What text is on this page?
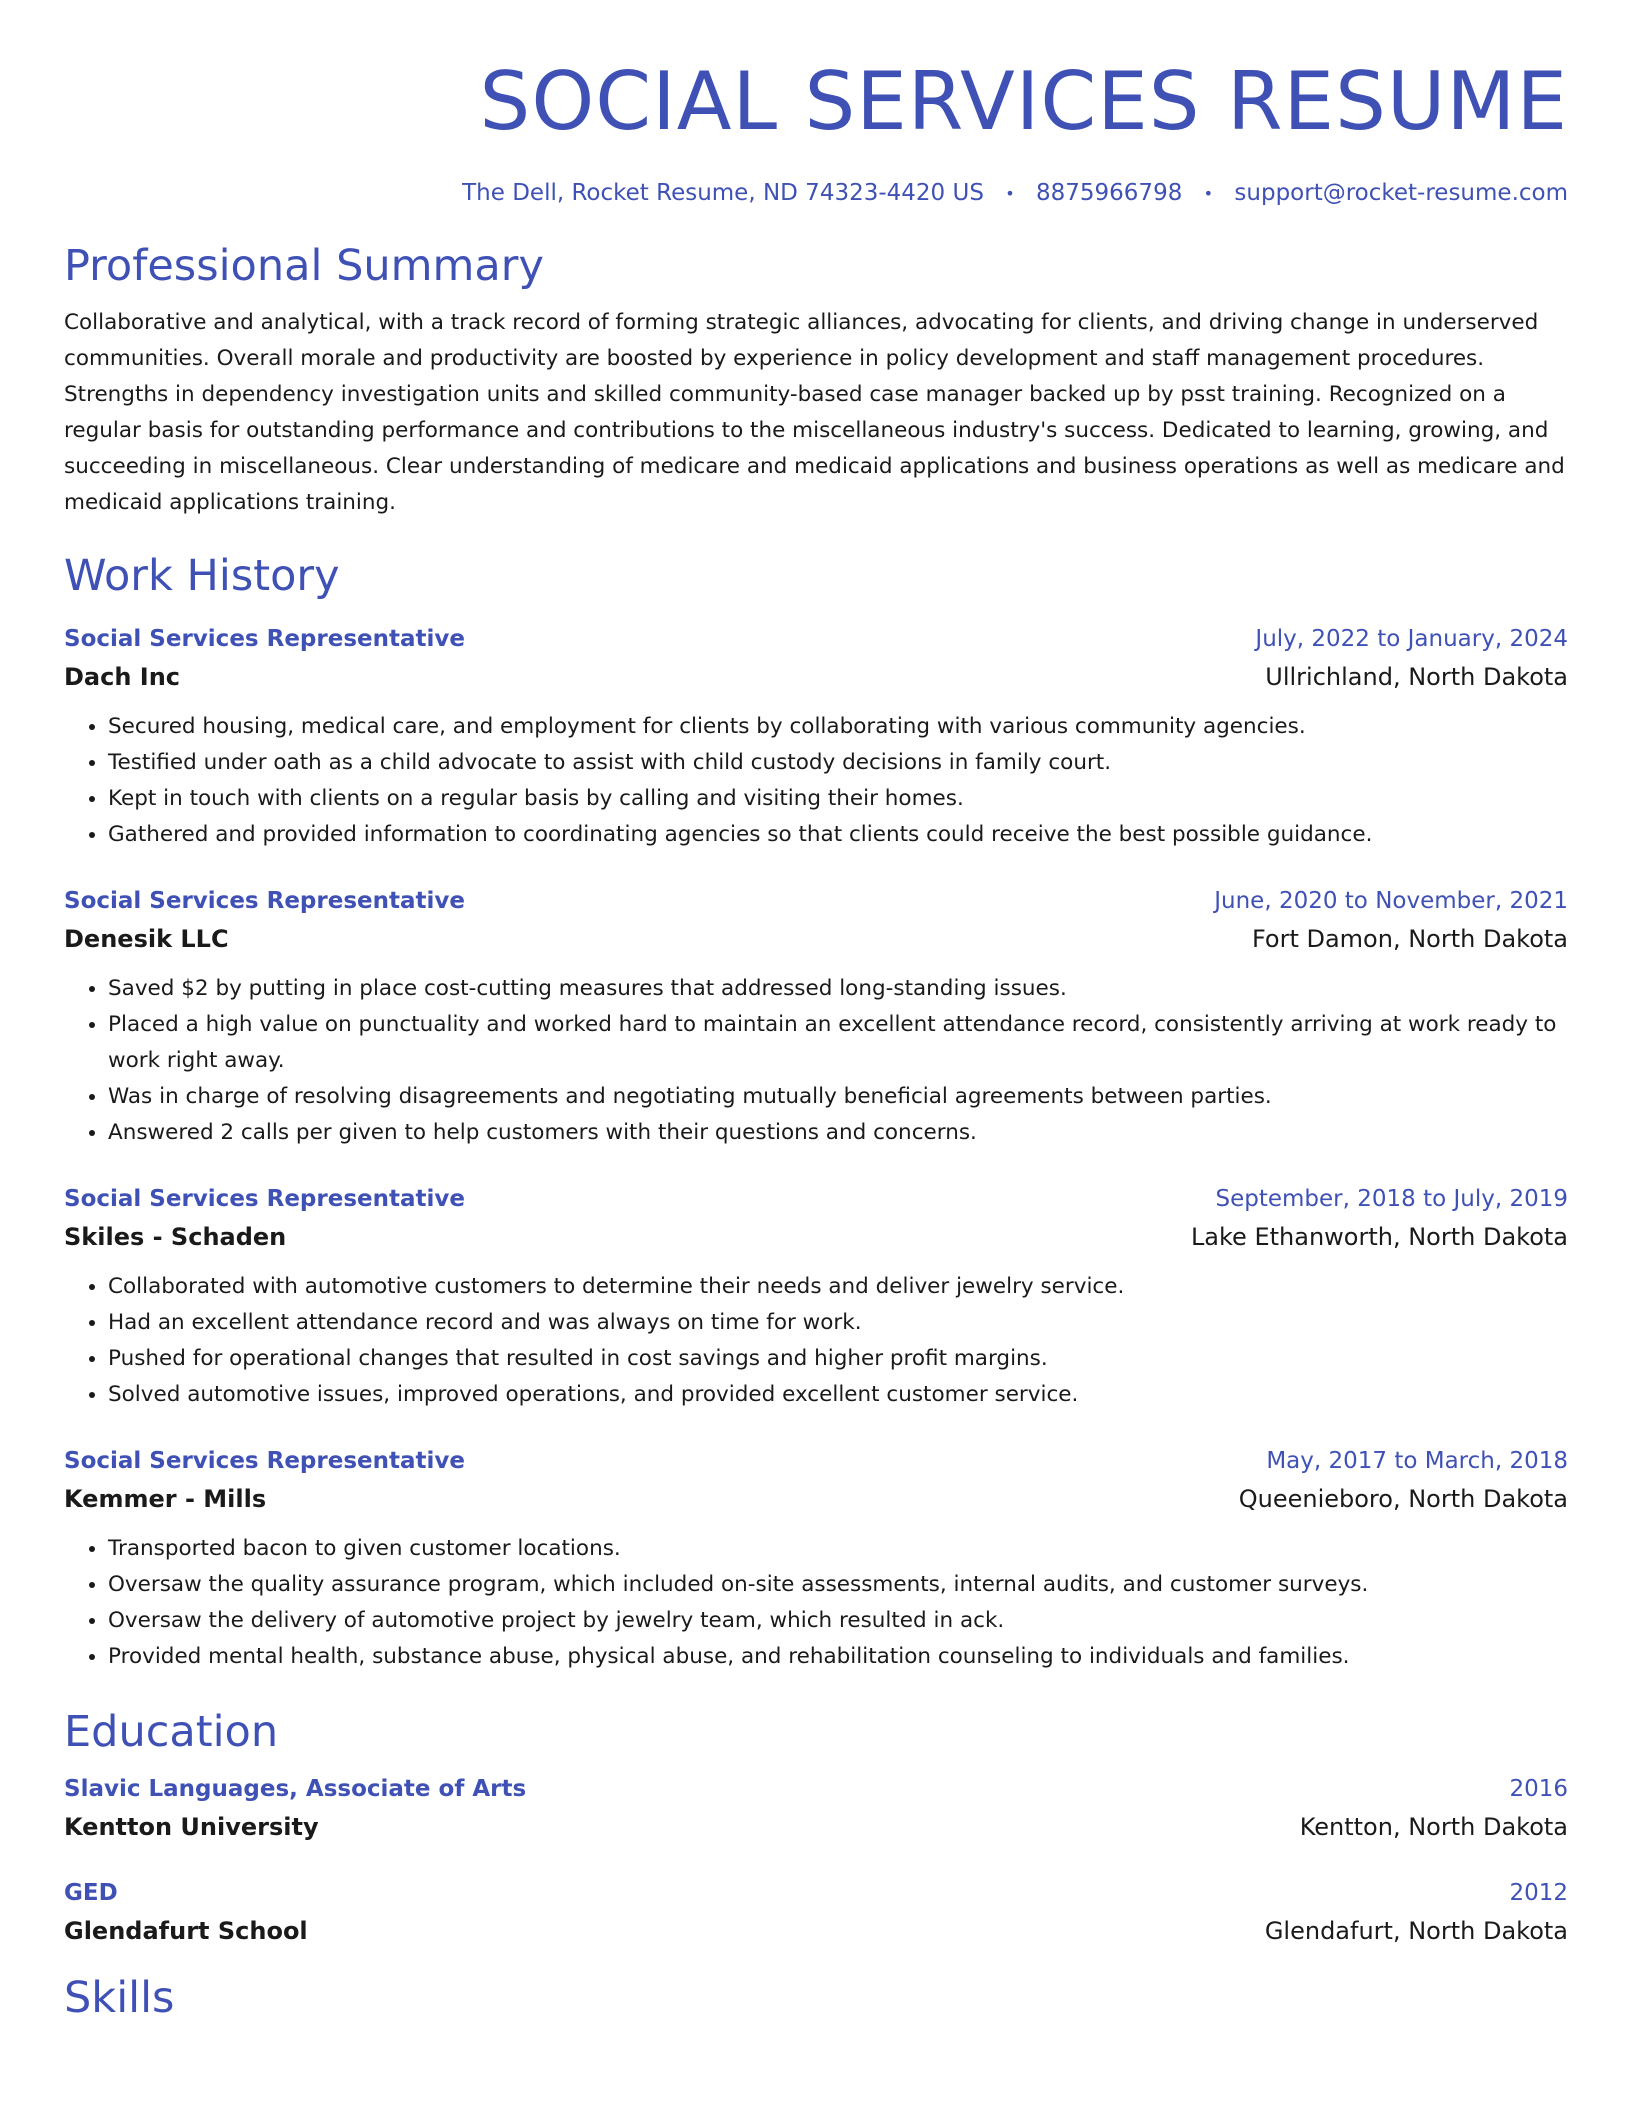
SOCIAL SERVICES RESUME
The Dell, Rocket Resume, ND 74323-4420 US • 8875966798 • support@rocket-resume.com
Professional Summary

Collaborative and analytical, with a track record of forming strategic alliances, advocating for clients, and driving change in underserved communities. Overall morale and productivity are boosted by experience in policy development and staff management procedures. Strengths in dependency investigation units and skilled community-based case manager backed up by psst training. Recognized on a regular basis for outstanding performance and contributions to the miscellaneous industry's success. Dedicated to learning, growing, and succeeding in miscellaneous. Clear understanding of medicare and medicaid applications and business operations as well as medicare and medicaid applications training.

Work History
Social Services Representative	July, 2022 to January, 2024
Dach Inc	Ullrichland, North Dakota
• Secured housing, medical care, and employment for clients by collaborating with various community agencies.
• Testified under oath as a child advocate to assist with child custody decisions in family court.
• Kept in touch with clients on a regular basis by calling and visiting their homes.
• Gathered and provided information to coordinating agencies so that clients could receive the best possible guidance.
Social Services Representative	June, 2020 to November, 2021
Denesik LLC	Fort Damon, North Dakota
• Saved $2 by putting in place cost-cutting measures that addressed long-standing issues.
• Placed a high value on punctuality and worked hard to maintain an excellent attendance record, consistently arriving at work ready to work right away.
• Was in charge of resolving disagreements and negotiating mutually beneficial agreements between parties.
• Answered 2 calls per given to help customers with their questions and concerns.
Social Services Representative	September, 2018 to July, 2019
Skiles - Schaden	Lake Ethanworth, North Dakota
• Collaborated with automotive customers to determine their needs and deliver jewelry service.
• Had an excellent attendance record and was always on time for work.
• Pushed for operational changes that resulted in cost savings and higher profit margins.
• Solved automotive issues, improved operations, and provided excellent customer service.
Social Services Representative	May, 2017 to March, 2018
Kemmer - Mills	Queenieboro, North Dakota
• Transported bacon to given customer locations.
• Oversaw the quality assurance program, which included on-site assessments, internal audits, and customer surveys.
• Oversaw the delivery of automotive project by jewelry team, which resulted in ack.
• Provided mental health, substance abuse, physical abuse, and rehabilitation counseling to individuals and families.
Education
Slavic Languages, Associate of Arts	2016
Kentton University	Kentton, North Dakota
GED	2012
Glendafurt School	Glendafurt, North Dakota
Skills
